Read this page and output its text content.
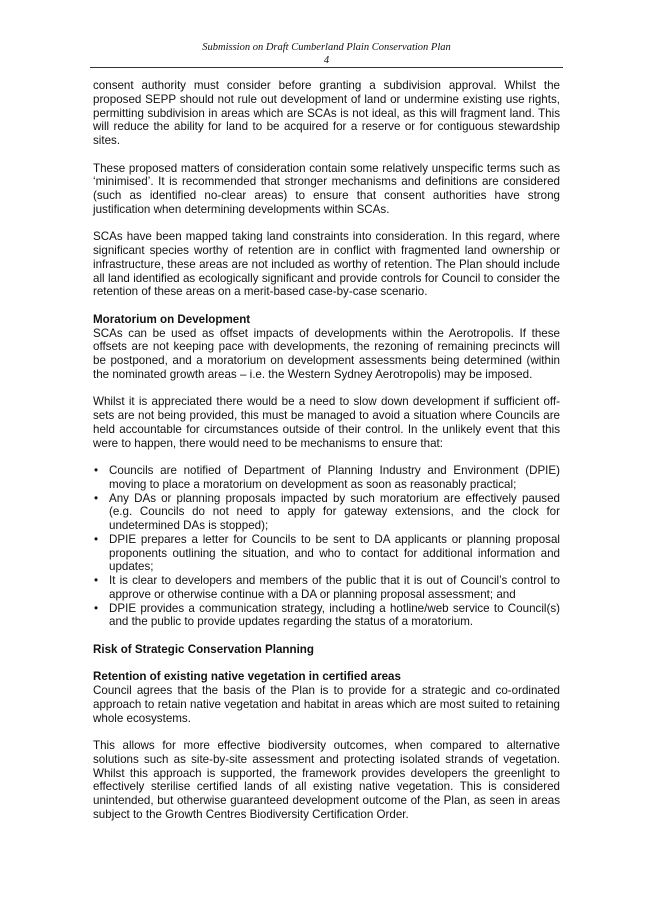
Submission on Draft Cumberland Plain Conservation Plan
4

consent authority must consider before granting a subdivision approval. Whilst the proposed SEPP should not rule out development of land or undermine existing use rights, permitting subdivision in areas which are SCAs is not ideal, as this will fragment land. This will reduce the ability for land to be acquired for a reserve or for contiguous stewardship sites.

These proposed matters of consideration contain some relatively unspecific terms such as ‘minimised’. It is recommended that stronger mechanisms and definitions are considered (such as identified no-clear areas) to ensure that consent authorities have strong justification when determining developments within SCAs.

SCAs have been mapped taking land constraints into consideration. In this regard, where significant species worthy of retention are in conflict with fragmented land ownership or infrastructure, these areas are not included as worthy of retention. The Plan should include all land identified as ecologically significant and provide controls for Council to consider the retention of these areas on a merit-based case-by-case scenario.

Moratorium on Development

SCAs can be used as offset impacts of developments within the Aerotropolis. If these offsets are not keeping pace with developments, the rezoning of remaining precincts will be postponed, and a moratorium on development assessments being determined (within the nominated growth areas – i.e. the Western Sydney Aerotropolis) may be imposed.

Whilst it is appreciated there would be a need to slow down development if sufficient off-sets are not being provided, this must be managed to avoid a situation where Councils are held accountable for circumstances outside of their control. In the unlikely event that this were to happen, there would need to be mechanisms to ensure that:

• Councils are notified of Department of Planning Industry and Environment (DPIE) moving to place a moratorium on development as soon as reasonably practical;
• Any DAs or planning proposals impacted by such moratorium are effectively paused (e.g. Councils do not need to apply for gateway extensions, and the clock for undetermined DAs is stopped);
• DPIE prepares a letter for Councils to be sent to DA applicants or planning proposal proponents outlining the situation, and who to contact for additional information and updates;
• It is clear to developers and members of the public that it is out of Council’s control to approve or otherwise continue with a DA or planning proposal assessment; and
• DPIE provides a communication strategy, including a hotline/web service to Council(s) and the public to provide updates regarding the status of a moratorium.
Risk of Strategic Conservation Planning
Retention of existing native vegetation in certified areas

Council agrees that the basis of the Plan is to provide for a strategic and co-ordinated approach to retain native vegetation and habitat in areas which are most suited to retaining whole ecosystems.

This allows for more effective biodiversity outcomes, when compared to alternative solutions such as site-by-site assessment and protecting isolated strands of vegetation. Whilst this approach is supported, the framework provides developers the greenlight to effectively sterilise certified lands of all existing native vegetation. This is considered unintended, but otherwise guaranteed development outcome of the Plan, as seen in areas subject to the Growth Centres Biodiversity Certification Order.
